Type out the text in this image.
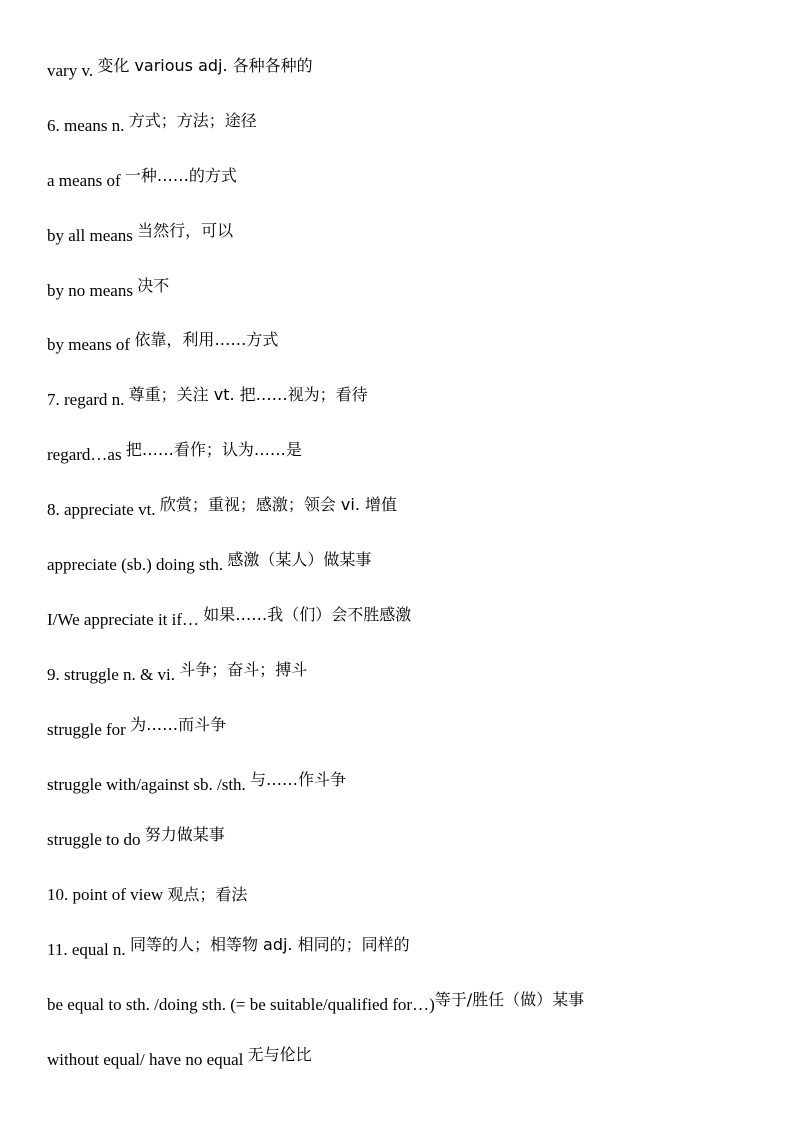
vary v. 变化 various adj. 各种各种的
6. means n. 方式；方法；途径
a means of 一种……的方式
by all means 当然行，可以
by no means 决不
by means of 依靠，利用……方式
7. regard n. 尊重；关注 vt. 把……视为；看待
regard…as 把……看作；认为……是
8. appreciate vt. 欣赏；重视；感激；领会 vi. 增值
appreciate (sb.) doing sth. 感激（某人）做某事
I/We appreciate it if… 如果……我（们）会不胜感激
9. struggle n. & vi. 斗争；奋斗；搏斗
struggle for 为……而斗争
struggle with/against sb. /sth. 与……作斗争
struggle to do 努力做某事
10. point of view 观点；看法
11. equal n. 同等的人；相等物 adj. 相同的；同样的
be equal to sth. /doing sth. (= be suitable/qualified for…)等于/胜任（做）某事
without equal/ have no equal 无与伦比
